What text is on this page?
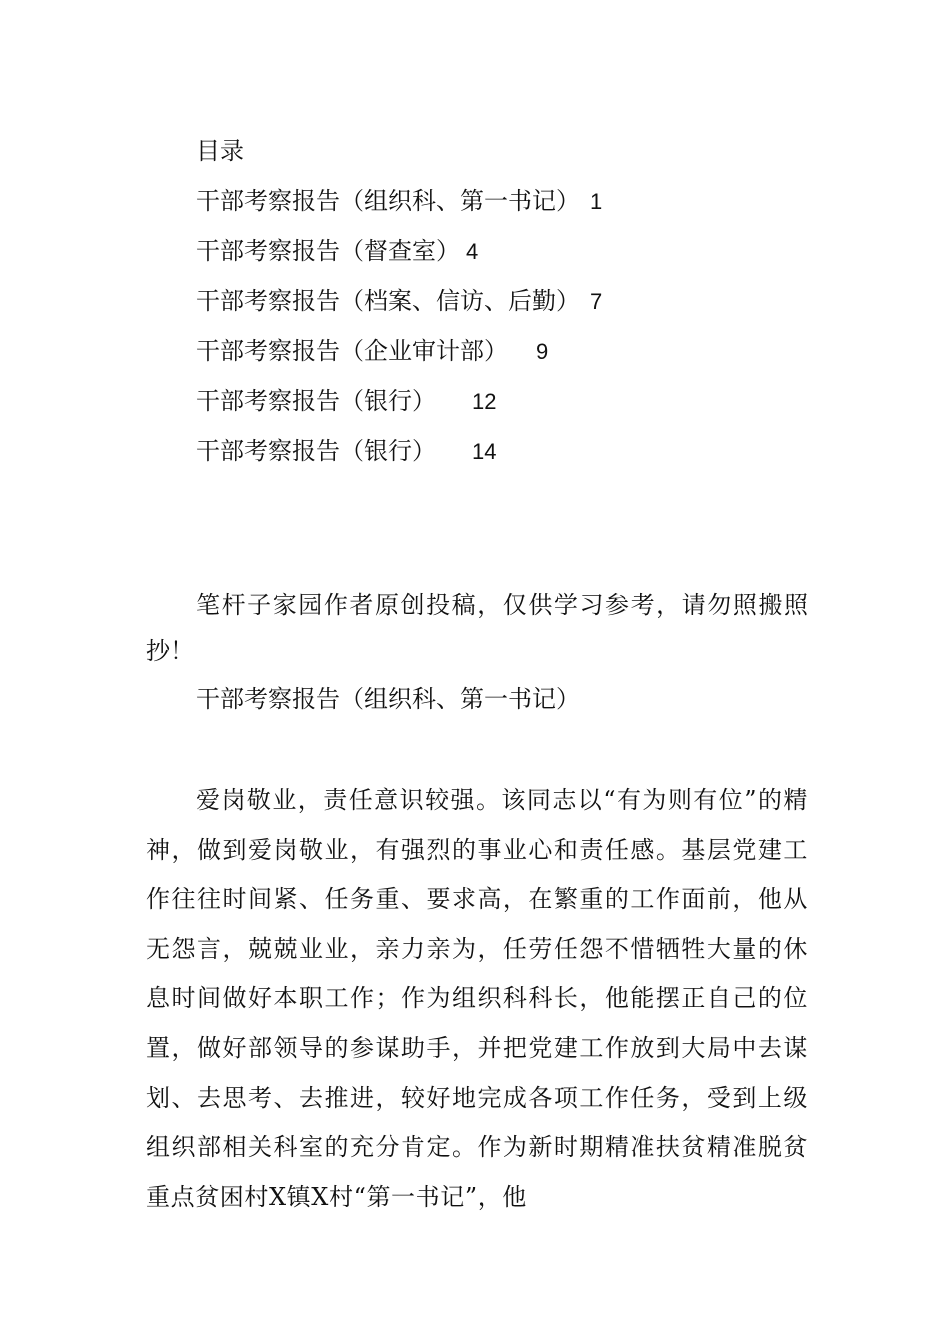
目录
干部考察报告（组织科、第一书记） 1
干部考察报告（督查室） 4
干部考察报告（档案、信访、后勤） 7
干部考察报告（企业审计部） 9
干部考察报告（银行） 12
干部考察报告（银行） 14

笔杆子家园作者原创投稿，仅供学习参考，请勿照搬照抄！

干部考察报告（组织科、第一书记）

爱岗敬业，责任意识较强。该同志以“有为则有位”的精神，做到爱岗敬业，有强烈的事业心和责任感。基层党建工作往往时间紧、任务重、要求高，在繁重的工作面前，他从无怨言，兢兢业业，亲力亲为，任劳任怨不惜牺牲大量的休息时间做好本职工作；作为组织科科长，他能摆正自己的位置，做好部领导的参谋助手，并把党建工作放到大局中去谋划、去思考、去推进，较好地完成各项工作任务，受到上级组织部相关科室的充分肯定。作为新时期精准扶贫精准脱贫重点贫困村X镇X村“第一书记”，他
